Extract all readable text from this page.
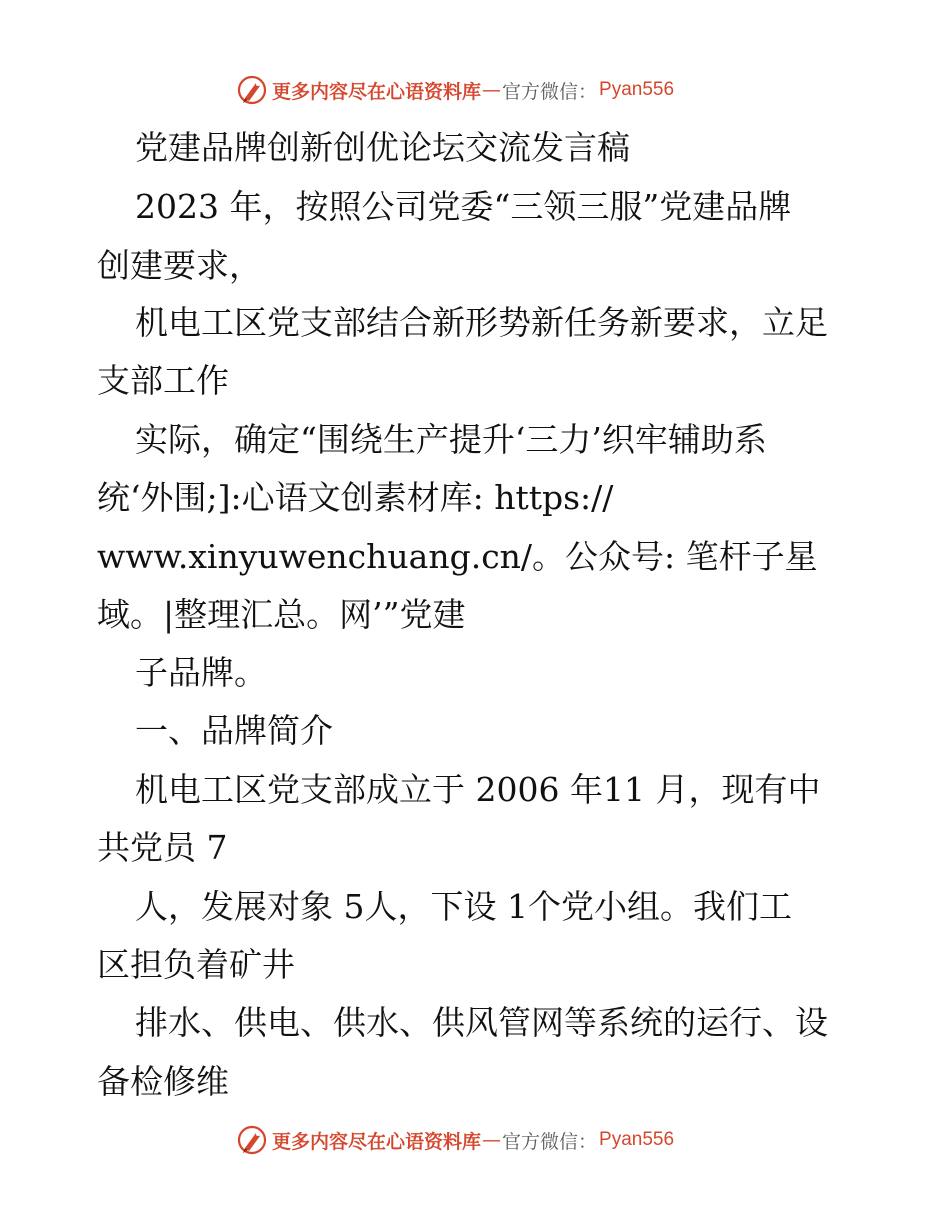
更多内容尽在心语资料库 — 官方微信： Pyan556
党建品牌创新创优论坛交流发言稿
2023 年，按照公司党委“三领三服”党建品牌
创建要求，
机电工区党支部结合新形势新任务新要求，立足
支部工作
实际，确定“围绕生产提升‘三力’织牢辅助系
统‘外围;]:心语文创素材库: https://
www.xinyuwenchuang.cn/。公众号: 笔杆子星
域。|整理汇总。网’”党建
子品牌。
一、品牌简介
机电工区党支部成立于 2006 年11 月，现有中
共党员 7
人，发展对象 5人，下设 1个党小组。我们工
区担负着矿井
排水、供电、供水、供风管网等系统的运行、设
备检修维
更多内容尽在心语资料库 — 官方微信： Pyan556
